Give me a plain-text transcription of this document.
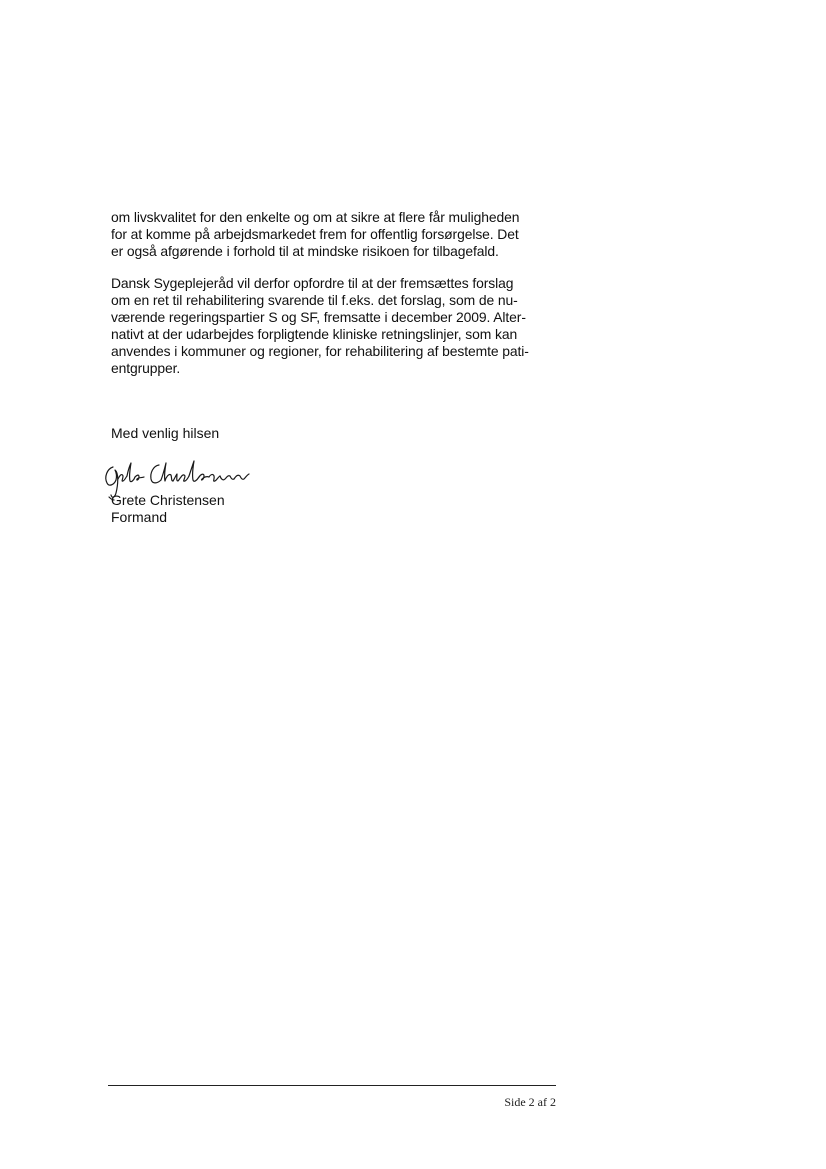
om livskvalitet for den enkelte og om at sikre at flere får muligheden
for at komme på arbejdsmarkedet frem for offentlig forsørgelse. Det
er også afgørende i forhold til at mindske risikoen for tilbagefald.

Dansk Sygeplejeråd vil derfor opfordre til at der fremsættes forslag
om en ret til rehabilitering svarende til f.eks. det forslag, som de nu-
værende regeringspartier S og SF, fremsatte i december 2009. Alter-
nativt at der udarbejdes forpligtende kliniske retningslinjer, som kan
anvendes i kommuner og regioner, for rehabilitering af bestemte pati-
entgrupper.

Med venlig hilsen

Grete Christensen
Formand

Side 2 af 2
